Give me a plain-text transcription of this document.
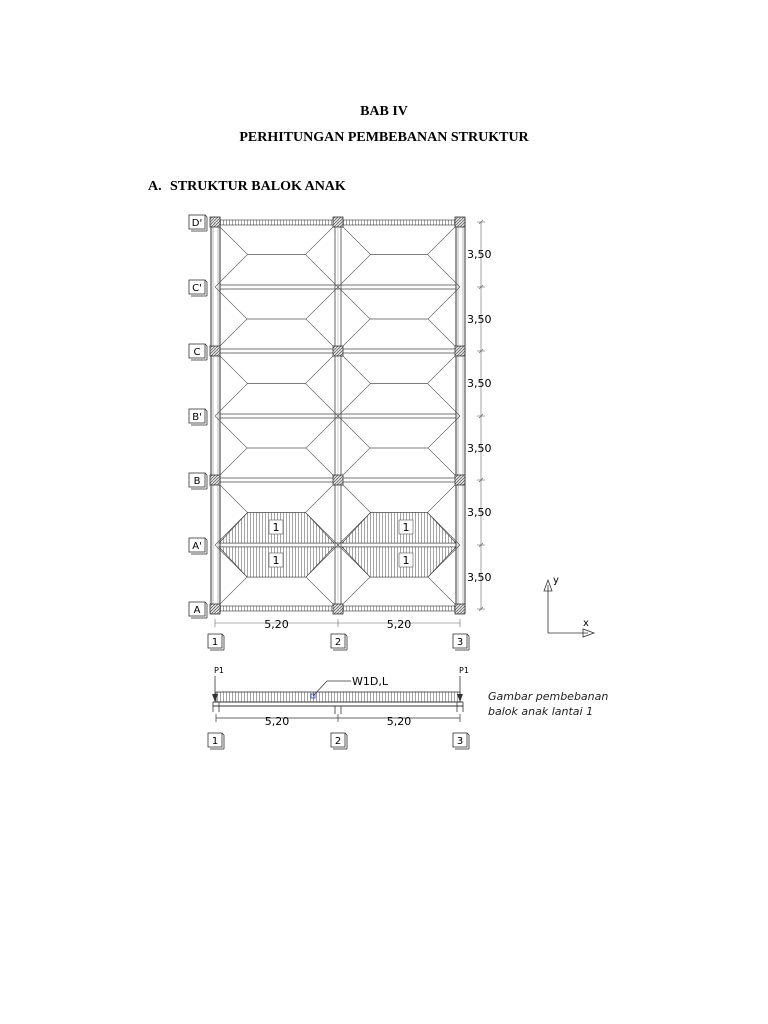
BAB IV
PERHITUNGAN PEMBEBANAN STRUKTUR
A. STRUKTUR BALOK ANAK
1	1
1	1
D'
C'
C
B'
B
A'
A
3,50
3,50
3,50
3,50
3,50
3,50
5,20	5,20
1	2	3
y
x
P1	P1
W1D,L
5,20	5,20
1	2	3
Gambar pembebanan
balok anak lantai 1
